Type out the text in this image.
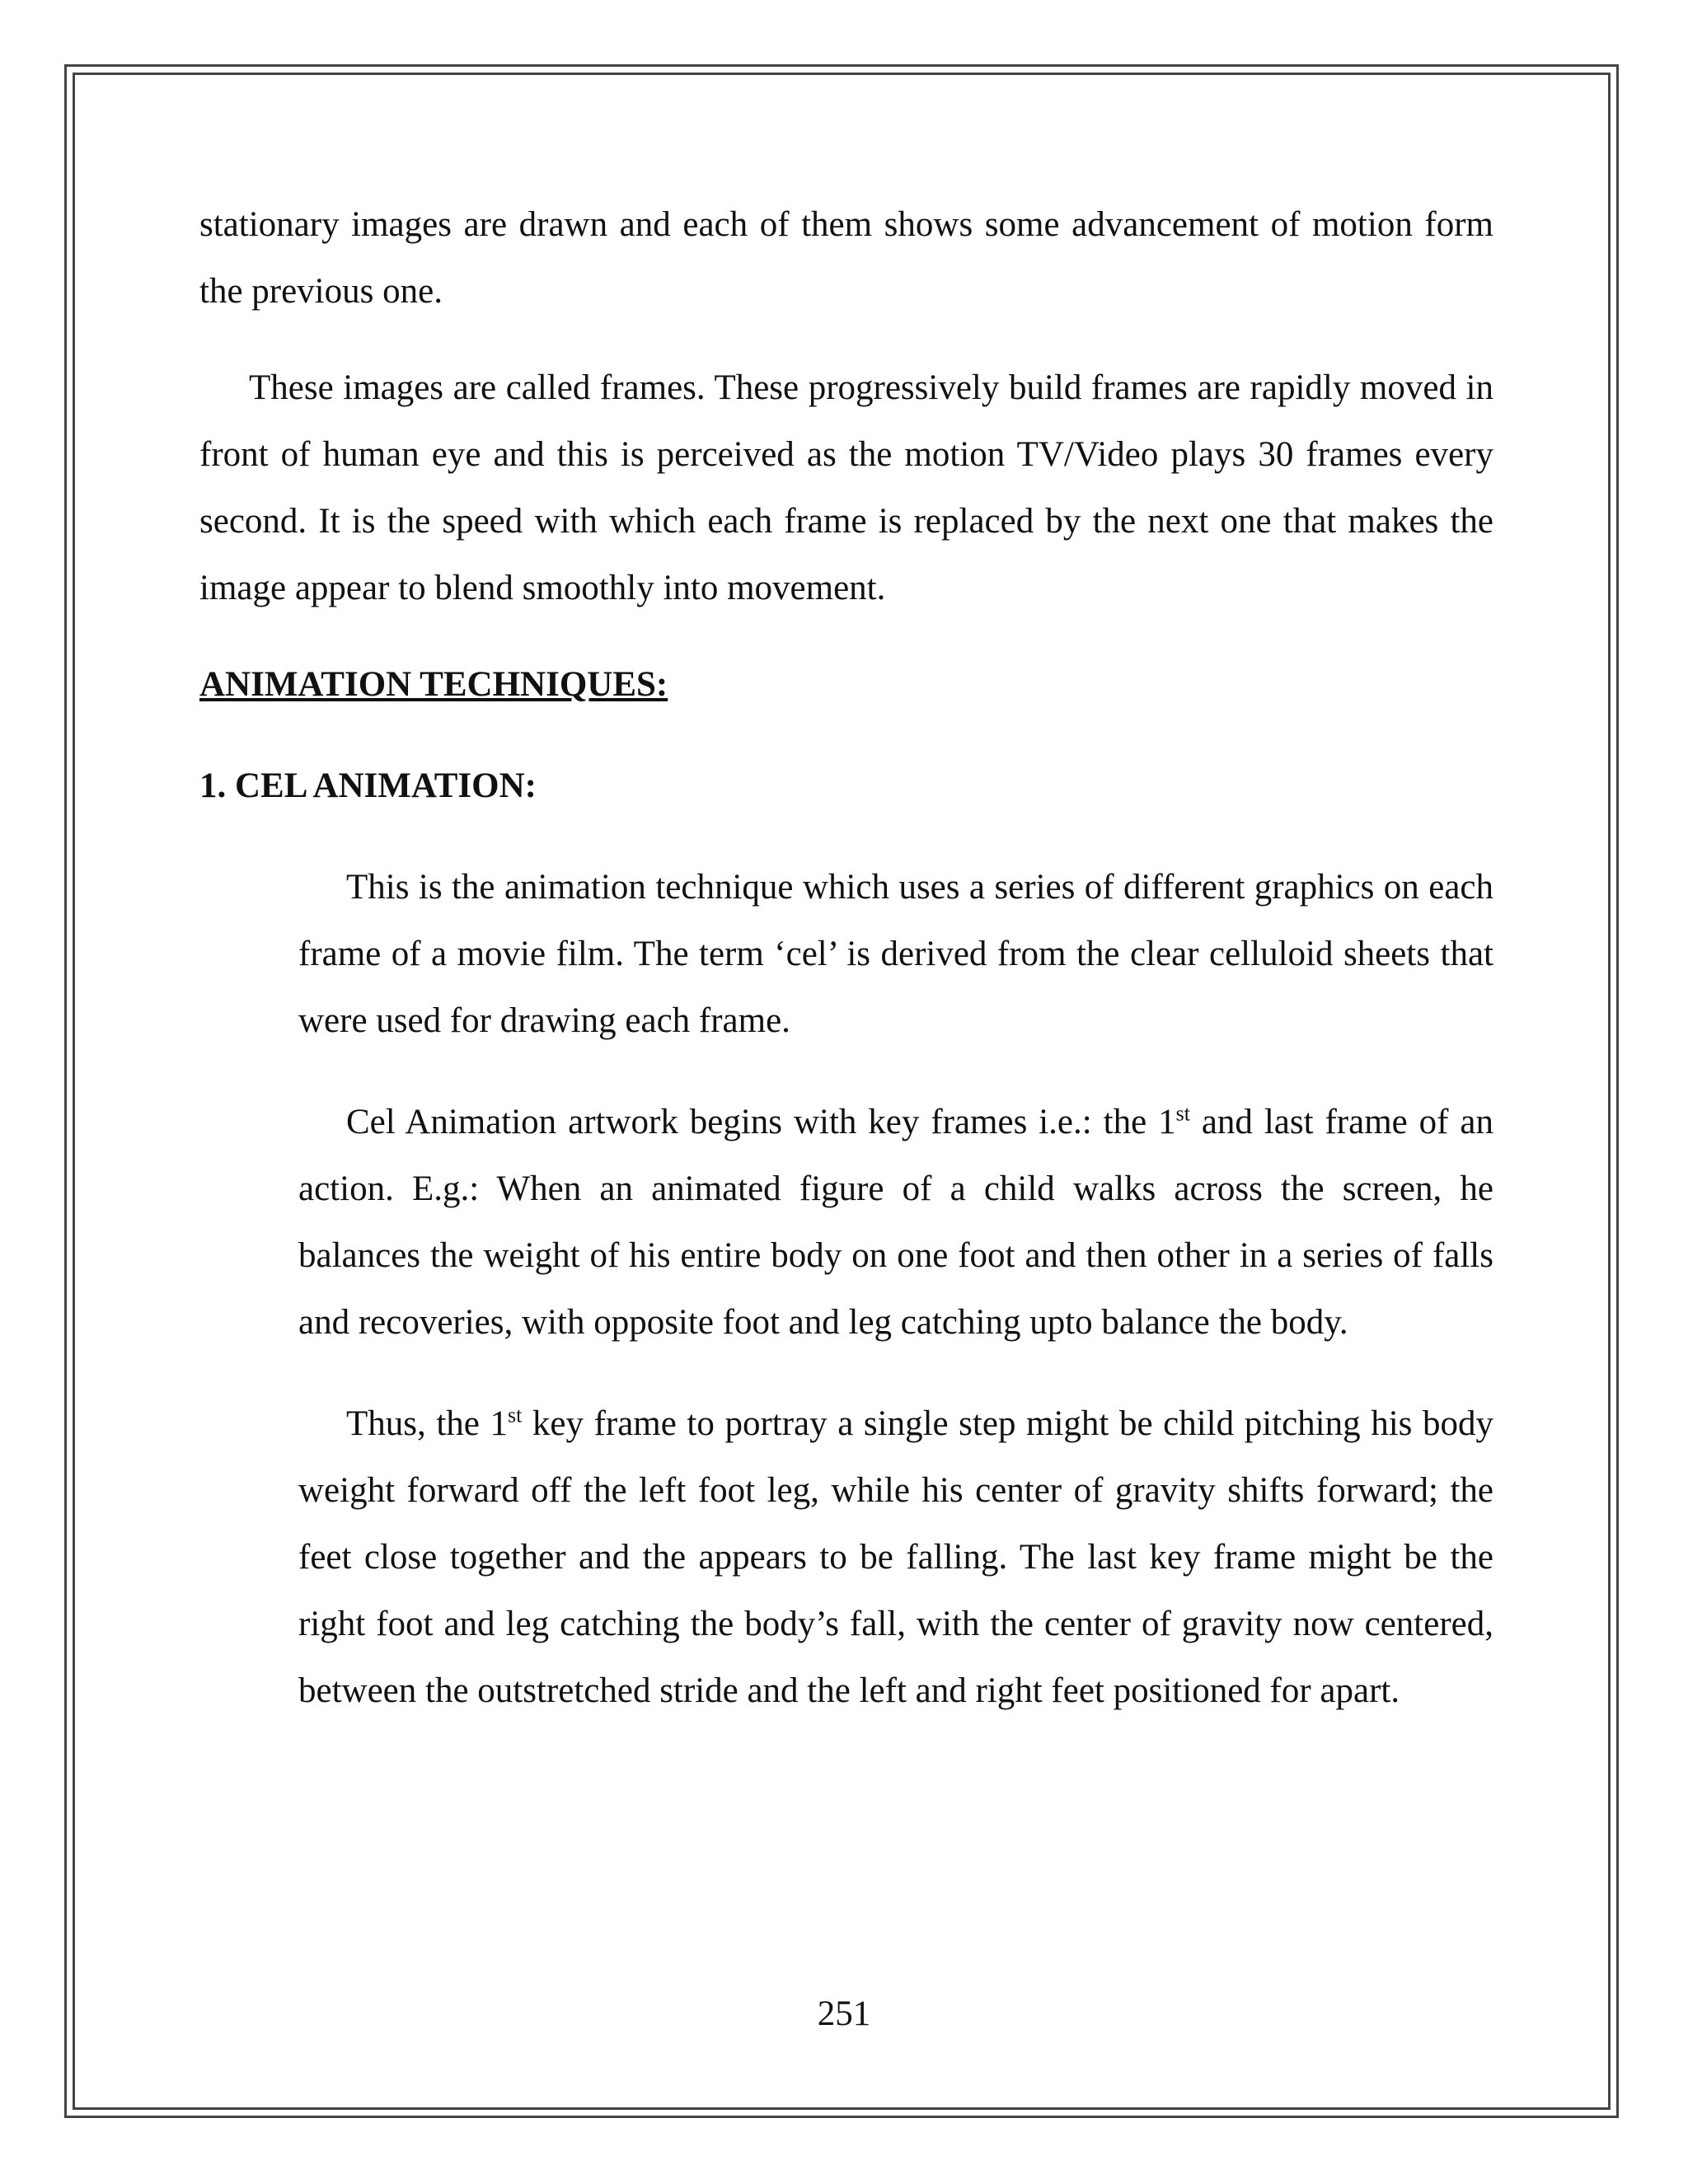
stationary images are drawn and each of them shows some advancement of motion form the previous one.

These images are called frames. These progressively build frames are rapidly moved in front of human eye and this is perceived as the motion TV/Video plays 30 frames every second. It is the speed with which each frame is replaced by the next one that makes the image appear to blend smoothly into movement.

ANIMATION TECHNIQUES:
1. CEL ANIMATION:

This is the animation technique which uses a series of different graphics on each frame of a movie film. The term ‘cel’ is derived from the clear celluloid sheets that were used for drawing each frame.

Cel Animation artwork begins with key frames i.e.: the 1st and last frame of an action. E.g.: When an animated figure of a child walks across the screen, he balances the weight of his entire body on one foot and then other in a series of falls and recoveries, with opposite foot and leg catching upto balance the body.

Thus, the 1st key frame to portray a single step might be child pitching his body weight forward off the left foot leg, while his center of gravity shifts forward; the feet close together and the appears to be falling. The last key frame might be the right foot and leg catching the body’s fall, with the center of gravity now centered, between the outstretched stride and the left and right feet positioned for apart.

251
